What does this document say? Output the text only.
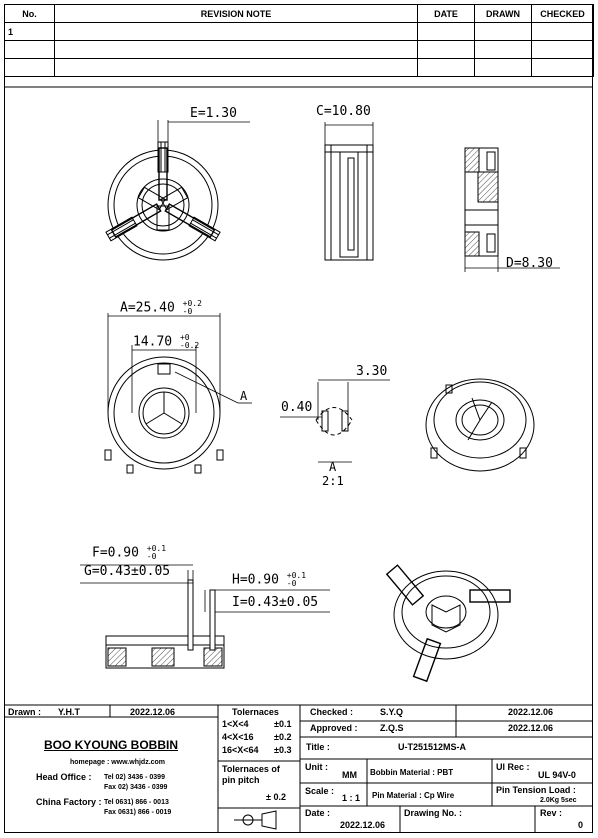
No.	REVISION NOTE	DATE	DRAWN	CHECKED
1				

E=1.30	C=10.80
D=8.30
A=25.40 +0.2
-0
14.70 +0
-0.2
A
3.30
0.40
A
2:1
F=0.90 +0.1
-0
G=0.43±0.05
H=0.90 +0.1
-0
I=0.43±0.05
Drawn : Y.H.T	2022.12.06
BOO KYOUNG BOBBIN
homepage : www.whjdz.com
Head Office : Tel 02) 3436 - 0399
Fax 02) 3436 - 0399
China Factory : Tel 0631) 866 - 0013
Fax 0631) 866 - 0019
Tolernaces
1<X<4	±0.1
4<X<16 ±0.2
16<X<64 ±0.3
Tolernaces of pin pitch
± 0.2
Checked :	S.Y.Q	2022.12.06
Approved : Z.Q.S	2022.12.06
Title :	U-T251512MS-A
Unit :
MM Bobbin Material : PBT
Ul Rec :
UL 94V-0
Scale :
1 : 1 Pin Material : Cp Wire
Pin Tension Load :
2.0Kg 5sec
Date :
2022.12.06
Drawing No. :	Rev :
0
